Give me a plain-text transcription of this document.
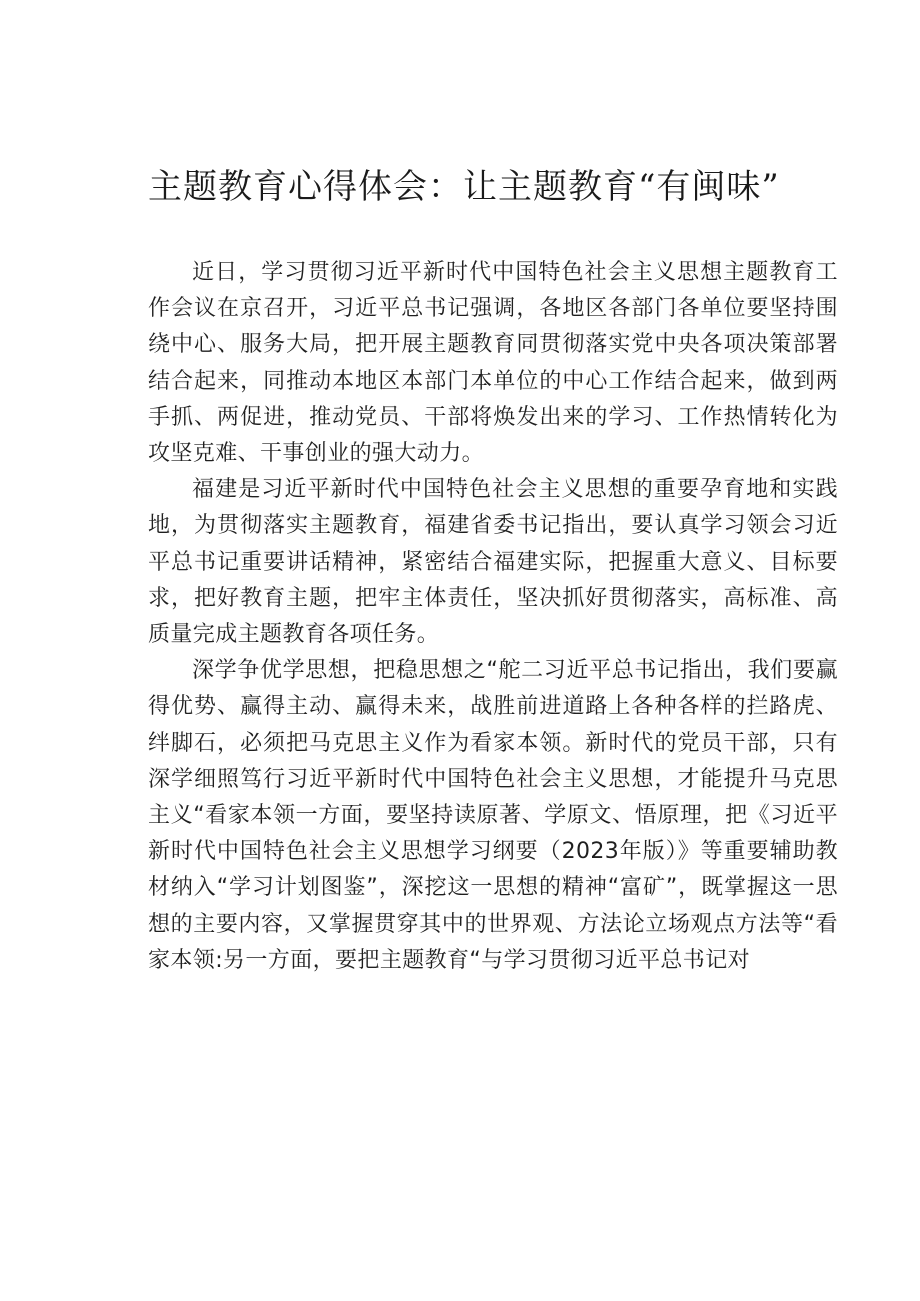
主题教育心得体会：让主题教育“有闽味”

近日，学习贯彻习近平新时代中国特色社会主义思想主题教育工作会议在京召开，习近平总书记强调，各地区各部门各单位要坚持围绕中心、服务大局，把开展主题教育同贯彻落实党中央各项决策部署结合起来，同推动本地区本部门本单位的中心工作结合起来，做到两手抓、两促进，推动党员、干部将焕发出来的学习、工作热情转化为攻坚克难、干事创业的强大动力。

福建是习近平新时代中国特色社会主义思想的重要孕育地和实践地，为贯彻落实主题教育，福建省委书记指出，要认真学习领会习近平总书记重要讲话精神，紧密结合福建实际，把握重大意义、目标要求，把好教育主题，把牢主体责任，坚决抓好贯彻落实，高标准、高质量完成主题教育各项任务。

深学争优学思想，把稳思想之“舵二习近平总书记指出，我们要赢得优势、赢得主动、赢得未来，战胜前进道路上各种各样的拦路虎、绊脚石，必须把马克思主义作为看家本领。新时代的党员干部，只有深学细照笃行习近平新时代中国特色社会主义思想，才能提升马克思主义“看家本领一方面，要坚持读原著、学原文、悟原理，把《习近平新时代中国特色社会主义思想学习纲要（2023年版）》等重要辅助教材纳入“学习计划图鉴”，深挖这一思想的精神“富矿”，既掌握这一思想的主要内容，又掌握贯穿其中的世界观、方法论立场观点方法等“看家本领:另一方面，要把主题教育“与学习贯彻习近平总书记对
